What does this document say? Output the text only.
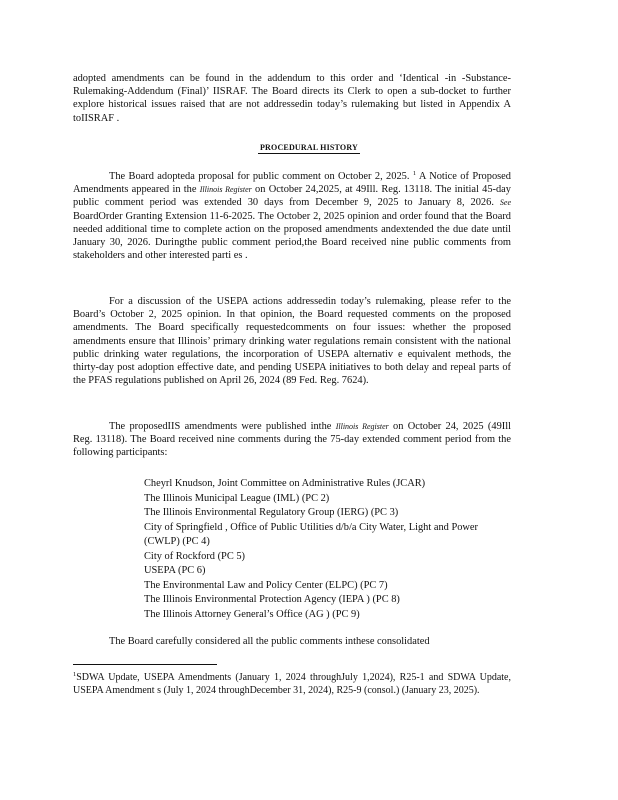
adopted amendments can be found in the addendum to this order and ‘Identical -in -Substance-Rulemaking-Addendum (Final)’ IISRAF. The Board directs its Clerk to open a sub-docket to further explore historical issues raised that are not addressedin today’s rulemaking but listed in Appendix A toIISRAF .
PROCEDURAL HISTORY
The Board adopteda proposal for public comment on October 2, 2025. $^1$ A Notice of Proposed Amendments appeared in the Illinois Register on October 24,2025, at 49Ill. Reg. 13118. The initial 45-day public comment period was extended 30 days from December 9, 2025 to January 8, 2026. See BoardOrder Granting Extension 11-6-2025. The October 2, 2025 opinion and order found that the Board needed additional time to complete action on the proposed amendments andextended the due date until January 30, 2026. Duringthe public comment period,the Board received nine public comments from stakeholders and other interested parti es .
For a discussion of the USEPA actions addressedin today’s rulemaking, please refer to the Board’s October 2, 2025 opinion. In that opinion, the Board requested comments on the proposed amendments. The Board specifically requestedcomments on four issues: whether the proposed amendments ensure that Illinois’ primary drinking water regulations remain consistent with the national public drinking water regulations, the incorporation of USEPA alternativ e equivalent methods, the thirty-day post adoption effective date, and pending USEPA initiatives to both delay and repeal parts of the PFAS regulations published on April 26, 2024 (89 Fed. Reg. 7624).
The proposedIIS amendments were published inthe Illinois Register on October 24, 2025 (49Ill Reg. 13118). The Board received nine comments during the 75-day extended comment period from the following participants:
Cheyrl Knudson, Joint Committee on Administrative Rules (JCAR)
The Illinois Municipal League (IML) (PC 2)
The Illinois Environmental Regulatory Group (IERG) (PC 3)
City of Springfield , Office of Public Utilities d/b/a City Water, Light and Power (CWLP) (PC 4)
City of Rockford (PC 5)
USEPA (PC 6)
The Environmental Law and Policy Center (ELPC) (PC 7)
The Illinois Environmental Protection Agency (IEPA ) (PC 8)
The Illinois Attorney General’s Office (AG ) (PC 9)
The Board carefully considered all the public comments inthese consolidated
$^1$SDWA Update, USEPA Amendments (January 1, 2024 throughJuly 1,2024), R25-1 and SDWA Update, USEPA Amendment s (July 1, 2024 throughDecember 31, 2024), R25-9 (consol.) (January 23, 2025).
